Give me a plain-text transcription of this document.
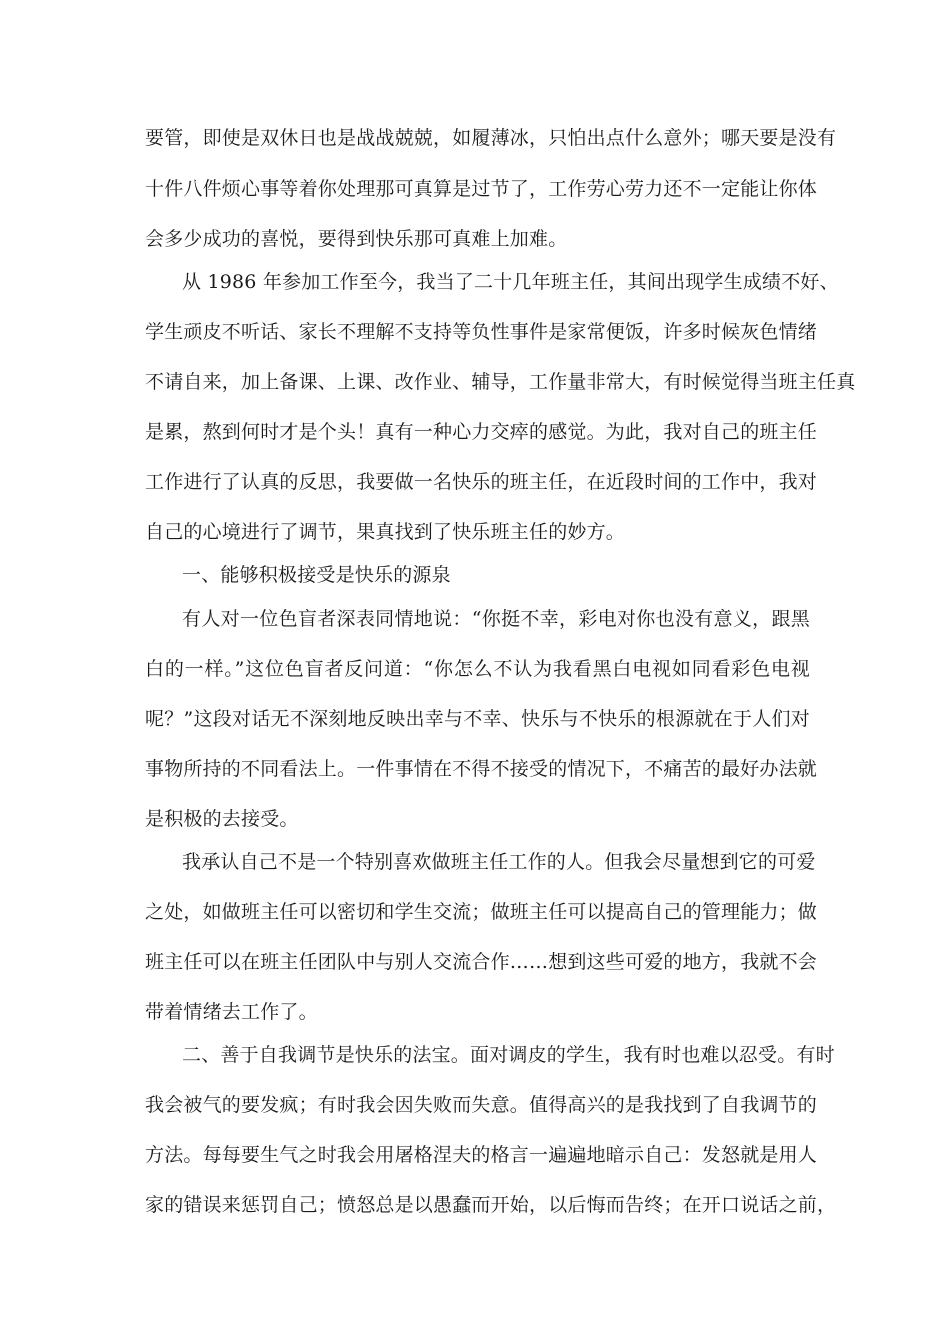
要管，即使是双休日也是战战兢兢，如履薄冰，只怕出点什么意外；哪天要是没有
十件八件烦心事等着你处理那可真算是过节了，工作劳心劳力还不一定能让你体
会多少成功的喜悦，要得到快乐那可真难上加难。
从 1986 年参加工作至今，我当了二十几年班主任，其间出现学生成绩不好、
学生顽皮不听话、家长不理解不支持等负性事件是家常便饭，许多时候灰色情绪
不请自来，加上备课、上课、改作业、辅导，工作量非常大，有时候觉得当班主任真
是累，熬到何时才是个头！真有一种心力交瘁的感觉。为此，我对自己的班主任
工作进行了认真的反思，我要做一名快乐的班主任，在近段时间的工作中，我对
自己的心境进行了调节，果真找到了快乐班主任的妙方。
一、能够积极接受是快乐的源泉
有人对一位色盲者深表同情地说：“你挺不幸，彩电对你也没有意义，跟黑
白的一样。”这位色盲者反问道：“你怎么不认为我看黑白电视如同看彩色电视
呢？”这段对话无不深刻地反映出幸与不幸、快乐与不快乐的根源就在于人们对
事物所持的不同看法上。一件事情在不得不接受的情况下，不痛苦的最好办法就
是积极的去接受。
我承认自己不是一个特别喜欢做班主任工作的人。但我会尽量想到它的可爱
之处，如做班主任可以密切和学生交流；做班主任可以提高自己的管理能力；做
班主任可以在班主任团队中与别人交流合作……想到这些可爱的地方，我就不会
带着情绪去工作了。
二、善于自我调节是快乐的法宝。面对调皮的学生，我有时也难以忍受。有时
我会被气的要发疯；有时我会因失败而失意。值得高兴的是我找到了自我调节的
方法。每每要生气之时我会用屠格涅夫的格言一遍遍地暗示自己：发怒就是用人
家的错误来惩罚自己；愤怒总是以愚蠢而开始，以后悔而告终；在开口说话之前，
